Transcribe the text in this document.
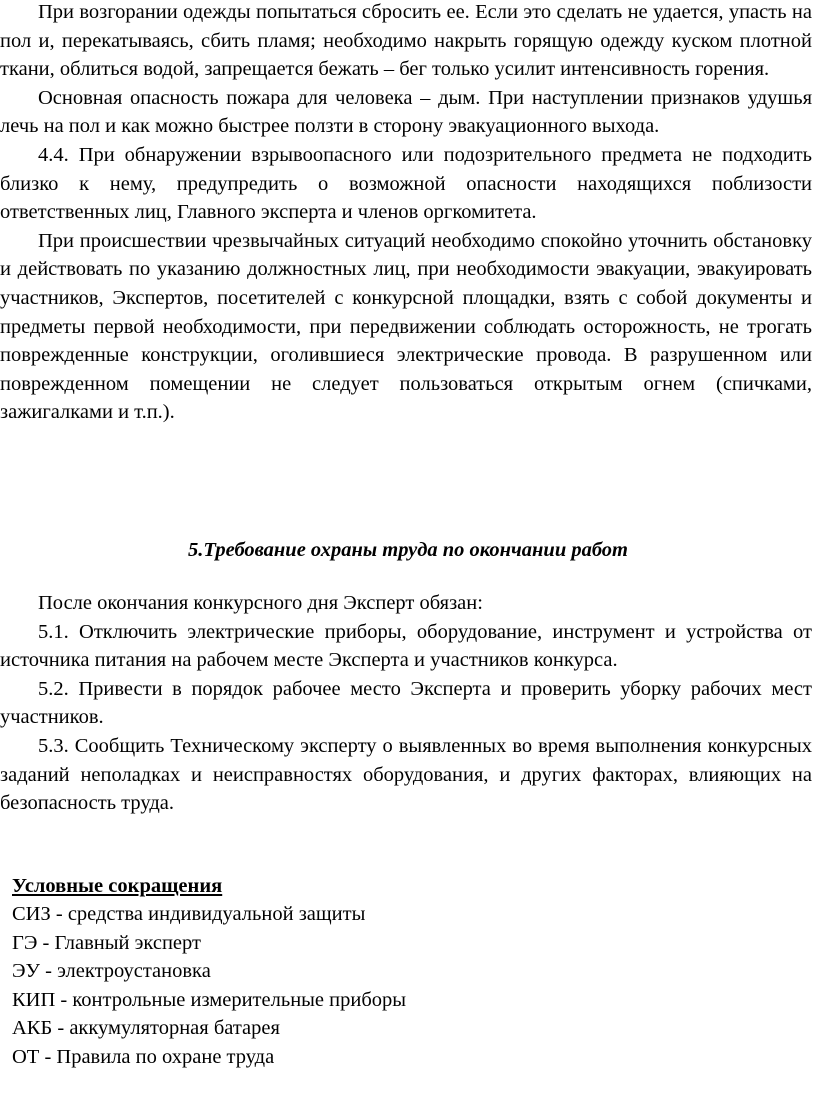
При возгорании одежды попытаться сбросить ее. Если это сделать не удается, упасть на пол и, перекатываясь, сбить пламя; необходимо накрыть горящую одежду куском плотной ткани, облиться водой, запрещается бежать – бег только усилит интенсивность горения.

Основная опасность пожара для человека – дым. При наступлении признаков удушья лечь на пол и как можно быстрее ползти в сторону эвакуационного выхода.

4.4. При обнаружении взрывоопасного или подозрительного предмета не подходить близко к нему, предупредить о возможной опасности находящихся поблизости ответственных лиц, Главного эксперта и членов оргкомитета.

При происшествии чрезвычайных ситуаций необходимо спокойно уточнить обстановку и действовать по указанию должностных лиц, при необходимости эвакуации, эвакуировать участников, Экспертов, посетителей с конкурсной площадки, взять с собой документы и предметы первой необходимости, при передвижении соблюдать осторожность, не трогать поврежденные конструкции, оголившиеся электрические провода. В разрушенном или поврежденном помещении не следует пользоваться открытым огнем (спичками, зажигалками и т.п.).

5.Требование охраны труда по окончании работ

После окончания конкурсного дня Эксперт обязан:

5.1. Отключить электрические приборы, оборудование, инструмент и устройства от источника питания на рабочем месте Эксперта и участников конкурса.

5.2. Привести в порядок рабочее место Эксперта и проверить уборку рабочих мест участников.

5.3. Сообщить Техническому эксперту о выявленных во время выполнения конкурсных заданий неполадках и неисправностях оборудования, и других факторах, влияющих на безопасность труда.

Условные сокращения
СИЗ - средства индивидуальной защиты
ГЭ - Главный эксперт
ЭУ - электроустановка
КИП - контрольные измерительные приборы
АКБ - аккумуляторная батарея
ОТ - Правила по охране труда
